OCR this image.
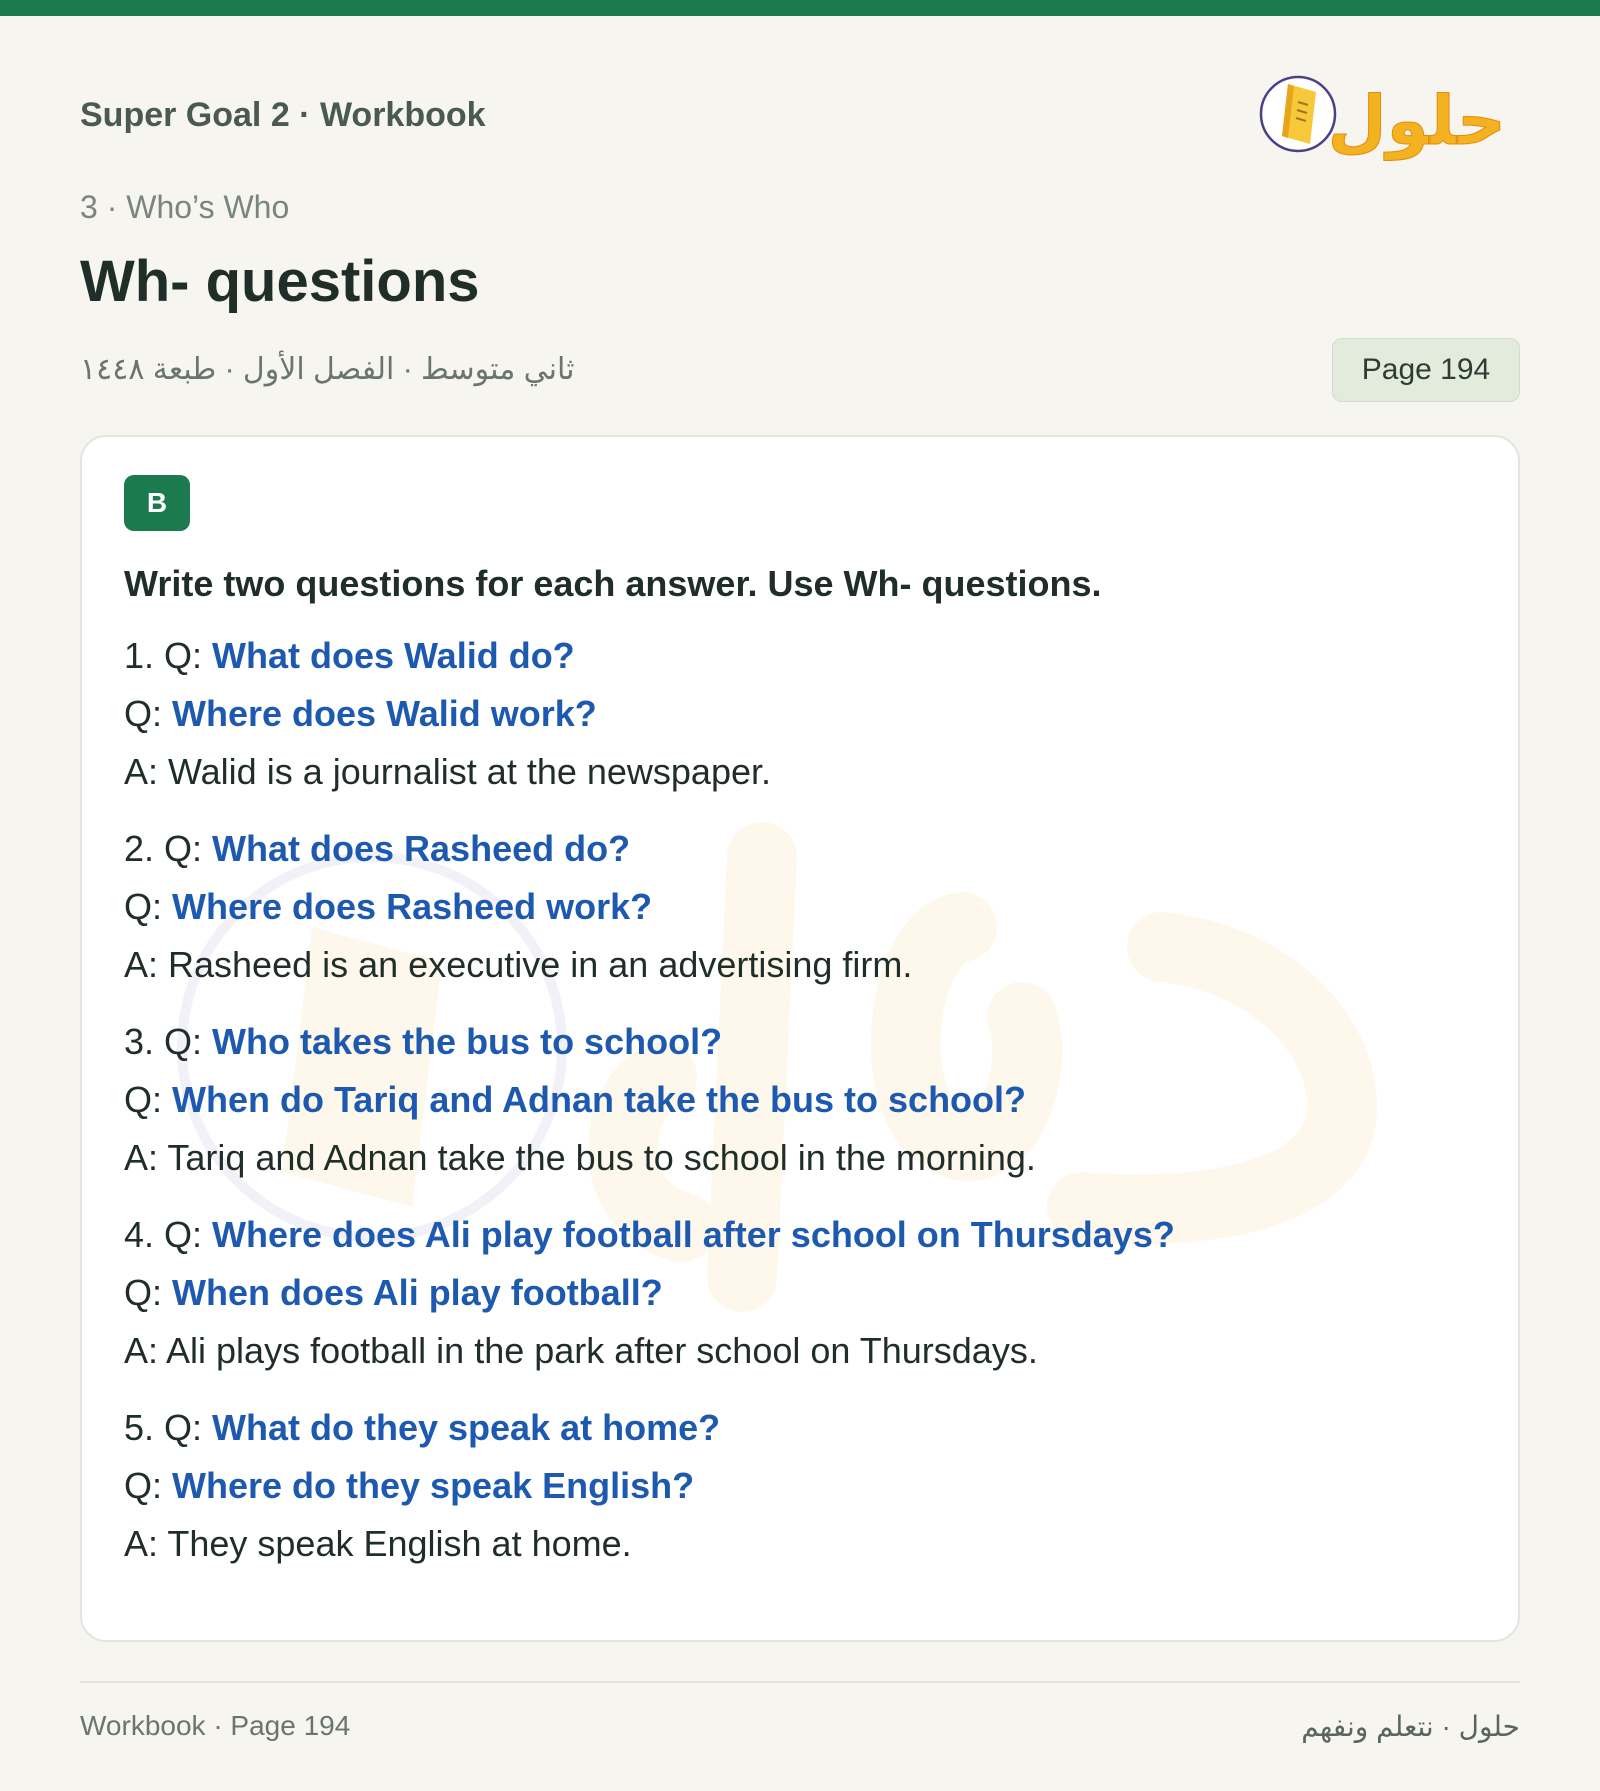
Super Goal 2 · Workbook	حلول
3 · Who’s Who
Wh- questions
ثاني متوسط · الفصل الأول · طبعة ١٤٤٨	Page 194
B
Write two questions for each answer. Use Wh- questions.
1. Q: What does Walid do?
Q: Where does Walid work?
A: Walid is a journalist at the newspaper.
2. Q: What does Rasheed do?
Q: Where does Rasheed work?
A: Rasheed is an executive in an advertising firm.
3. Q: Who takes the bus to school?
Q: When do Tariq and Adnan take the bus to school?
A: Tariq and Adnan take the bus to school in the morning.
4. Q: Where does Ali play football after school on Thursdays?
Q: When does Ali play football?
A: Ali plays football in the park after school on Thursdays.
5. Q: What do they speak at home?
Q: Where do they speak English?
A: They speak English at home.
Workbook · Page 194	حلول · نتعلم ونفهم
